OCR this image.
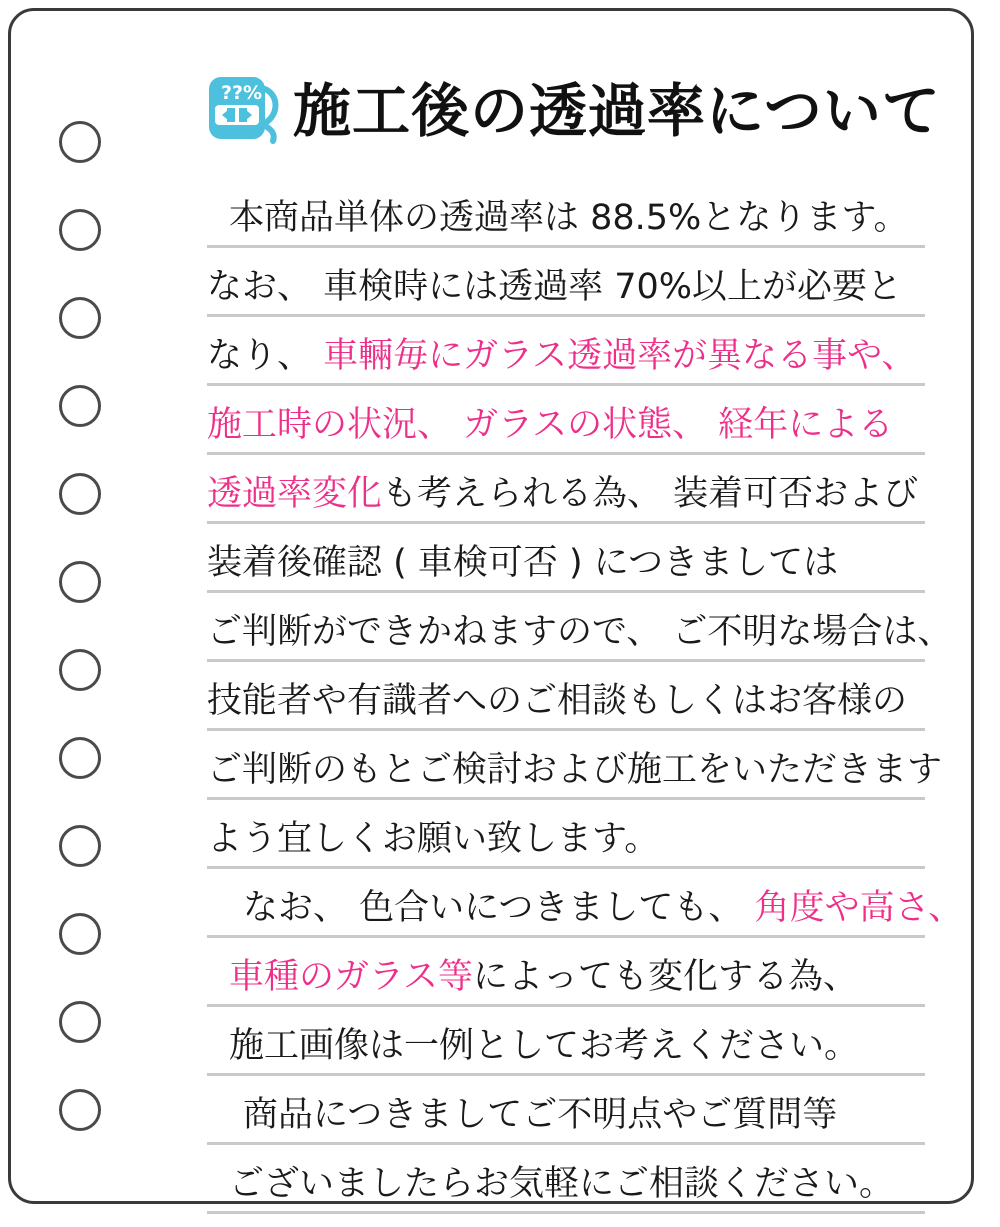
??% 施工後の透過率について
本商品単体の透過率は 88.5%となります。
なお、 車検時には透過率 70%以上が必要と
なり、 車輛毎にガラス透過率が異なる事や、
施工時の状況、 ガラスの状態、 経年による
透過率変化も考えられる為、 装着可否および
装着後確認 ( 車検可否 ) につきましては
ご判断ができかねますので、 ご不明な場合は、
技能者や有識者へのご相談もしくはお客様の
ご判断のもとご検討および施工をいただきます
よう宜しくお願い致します。
なお、 色合いにつきましても、 角度や高さ、
車種のガラス等によっても変化する為、
施工画像は一例としてお考えください。
商品につきましてご不明点やご質問等
ございましたらお気軽にご相談ください。
